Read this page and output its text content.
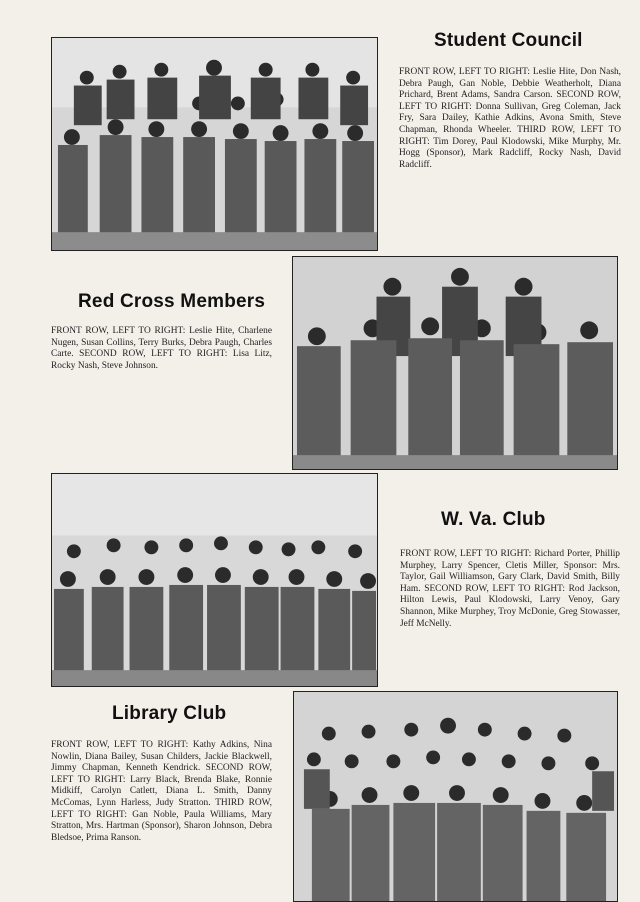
Student Council
FRONT ROW, LEFT TO RIGHT: Leslie Hite, Don Nash, Debra Paugh, Gan Noble, Debbie Weatherholt, Diana Prichard, Brent Adams, Sandra Carson. SECOND ROW, LEFT TO RIGHT: Donna Sullivan, Greg Coleman, Jack Fry, Sara Dailey, Kathie Adkins, Avona Smith, Steve Chapman, Rhonda Wheeler. THIRD ROW, LEFT TO RIGHT: Tim Dorey, Paul Klodowski, Mike Murphy, Mr. Hogg (Sponsor), Mark Radcliff, Rocky Nash, David Radcliff.
Red Cross Members
FRONT ROW, LEFT TO RIGHT: Leslie Hite, Charlene Nugen, Susan Collins, Terry Burks, Debra Paugh, Charles Carte. SECOND ROW, LEFT TO RIGHT: Lisa Litz, Rocky Nash, Steve Johnson.
W. Va. Club
FRONT ROW, LEFT TO RIGHT: Richard Porter, Phillip Murphey, Larry Spencer, Cletis Miller, Sponsor: Mrs. Taylor, Gail Williamson, Gary Clark, David Smith, Billy Ham. SECOND ROW, LEFT TO RIGHT: Rod Jackson, Hilton Lewis, Paul Klodowski, Larry Venoy, Gary Shannon, Mike Murphey, Troy McDonie, Greg Stowasser, Jeff McNelly.
Library Club
FRONT ROW, LEFT TO RIGHT: Kathy Adkins, Nina Nowlin, Diana Bailey, Susan Childers, Jackie Blackwell, Jimmy Chapman, Kenneth Kendrick. SECOND ROW, LEFT TO RIGHT: Larry Black, Brenda Blake, Ronnie Midkiff, Carolyn Catlett, Diana L. Smith, Danny McComas, Lynn Harless, Judy Stratton. THIRD ROW, LEFT TO RIGHT: Gan Noble, Paula Williams, Mary Stratton, Mrs. Hartman (Sponsor), Sharon Johnson, Debra Bledsoe, Prima Ranson.
